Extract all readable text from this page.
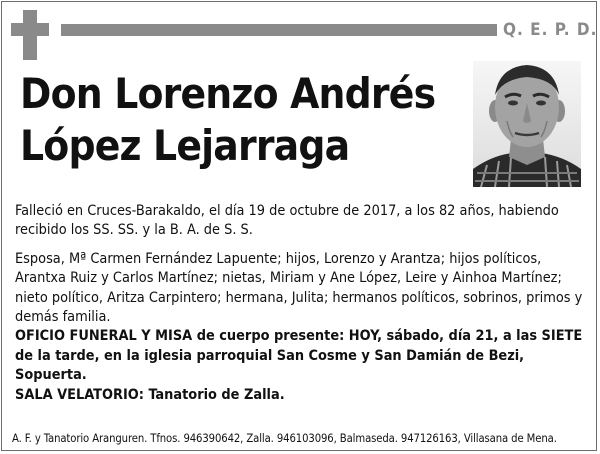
Q. E. P. D.
Don Lorenzo Andrés
López Lejarraga

Falleció en Cruces-Barakaldo, el día 19 de octubre de 2017, a los 82 años, habiendo recibido los SS. SS. y la B. A. de S. S.

Esposa, Mª Carmen Fernández Lapuente; hijos, Lorenzo y Arantza; hijos políticos, Arantxa Ruiz y Carlos Martínez; nietas, Miriam y Ane López, Leire y Ainhoa Martínez; nieto político, Aritza Carpintero; hermana, Julita; hermanos políticos, sobrinos, primos y demás familia.

OFICIO FUNERAL Y MISA de cuerpo presente: HOY, sábado, día 21, a las SIETE de la tarde, en la iglesia parroquial San Cosme y San Damián de Bezi, Sopuerta.

SALA VELATORIO: Tanatorio de Zalla.

A. F. y Tanatorio Aranguren. Tfnos. 946390642, Zalla. 946103096, Balmaseda. 947126163, Villasana de Mena.
